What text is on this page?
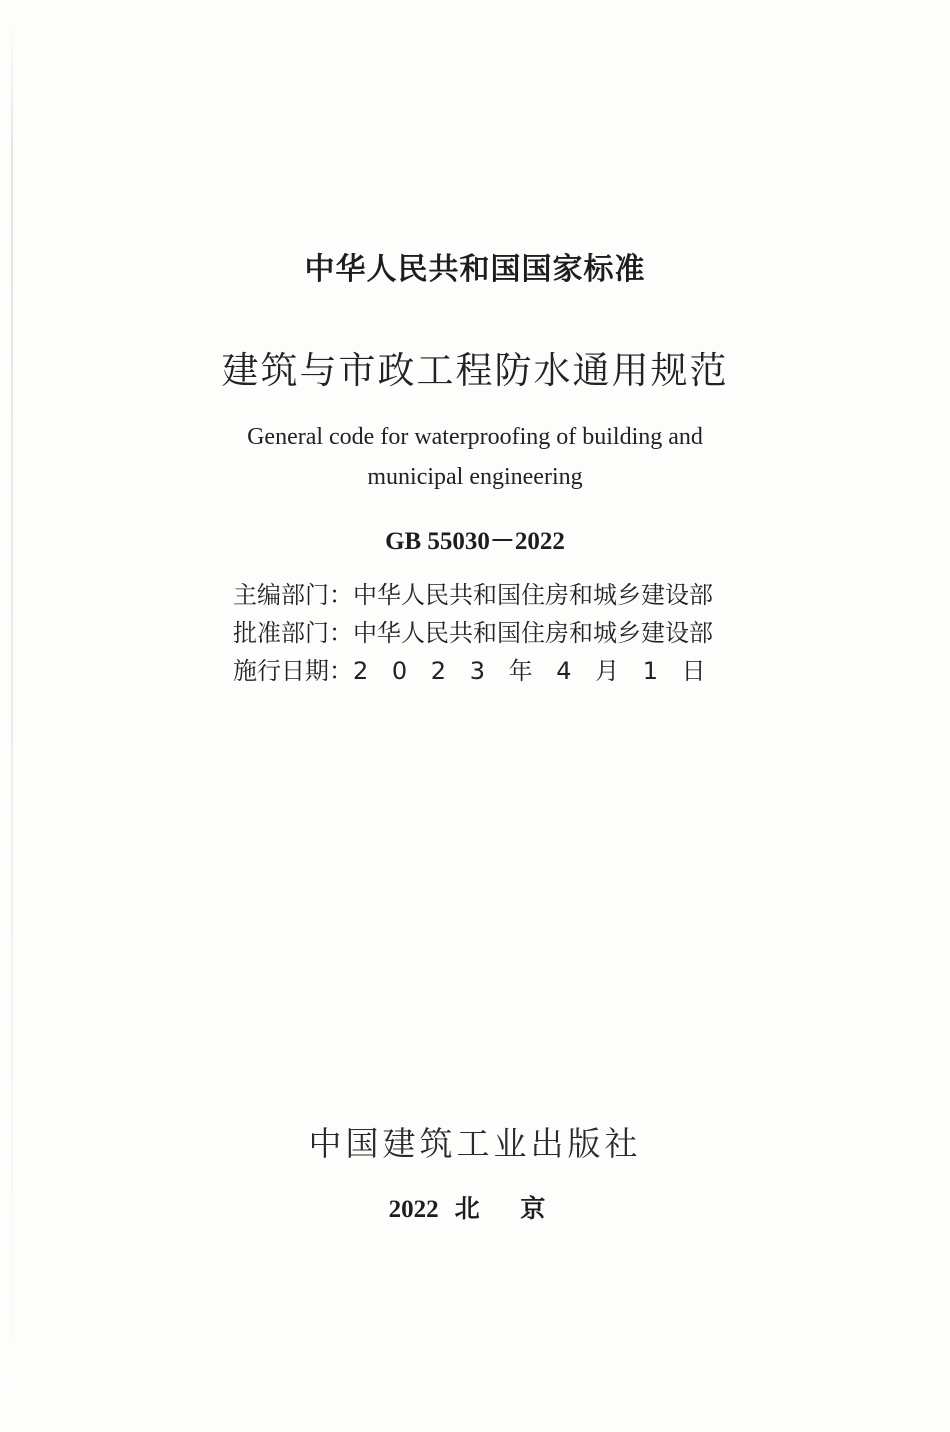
中华人民共和国国家标准
建筑与市政工程防水通用规范
General code for waterproofing of building and
municipal engineering
GB 55030－2022
主编部门：中华人民共和国住房和城乡建设部
批准部门：中华人民共和国住房和城乡建设部
施行日期：2 0 2 3 年 4 月 1 日
中国建筑工业出版社
2022 北 京
